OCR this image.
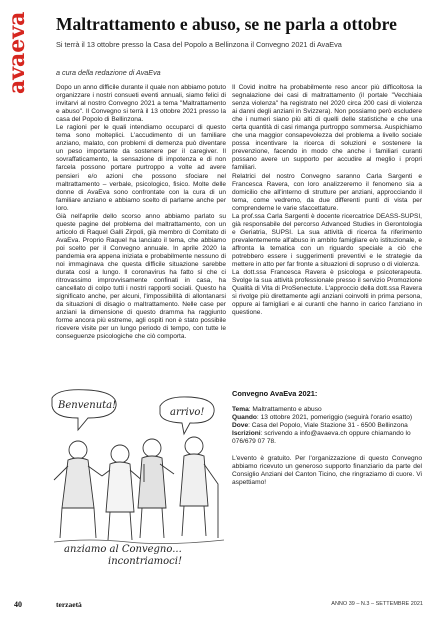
avaeva Maltrattamento e abuso, se ne parla a ottobre
Si terrà il 13 ottobre presso la Casa del Popolo a Bellinzona il Convegno 2021 di AvaEva
a cura della redazione di AvaEva

Dopo un anno difficile durante il quale non abbiamo potuto organizzare i nostri consueti eventi annuali, siamo felici di invitarvi al nostro Convegno 2021 a tema "Maltrattamento e abuso". Il Convegno si terrà il 13 ottobre 2021 presso la casa del Popolo di Bellinzona.

Le ragioni per le quali intendiamo occuparci di questo tema sono molteplici. L'accudimento di un familiare anziano, malato, con problemi di demenza può diventare un peso importante da sostenere per il caregiver. Il sovraffaticamento, la sensazione di impotenza e di non farcela possono portare purtroppo a volte ad avere pensieri e/o azioni che possono sfociare nel maltrattamento – verbale, psicologico, fisico. Molte delle donne di AvaEva sono confrontate con la cura di un familiare anziano e abbiamo scelto di parlarne anche per loro.

Già nell'aprile dello scorso anno abbiamo parlato su queste pagine del problema del maltrattamento, con un articolo di Raquel Galli Zirpoli, già membro di Comitato di AvaEva. Proprio Raquel ha lanciato il tema, che abbiamo poi scelto per il Convegno annuale. In aprile 2020 la pandemia era appena iniziata e probabilmente nessuno di noi immaginava che questa difficile situazione sarebbe durata così a lungo. Il coronavirus ha fatto sì che ci ritrovassimo improvvisamente confinati in casa, ha cancellato di colpo tutti i nostri rapporti sociali. Questo ha significato anche, per alcuni, l'impossibilità di allontanarsi da situazioni di disagio o maltrattamento. Nelle case per anziani la dimensione di questo dramma ha raggiunto forme ancora più estreme, agli ospiti non è stato possibile ricevere visite per un lungo periodo di tempo, con tutte le conseguenze psicologiche che ciò comporta.

Il Covid inoltre ha probabilmente reso ancor più difficoltosa la segnalazione dei casi di maltrattamento (il portale "Vecchiaia senza violenza" ha registrato nel 2020 circa 200 casi di violenza ai danni degli anziani in Svizzera). Non possiamo però escludere che i numeri siano più alti di quelli delle statistiche e che una certa quantità di casi rimanga purtroppo sommersa. Auspichiamo che una maggior consapevolezza del problema a livello sociale possa incentivare la ricerca di soluzioni e sostenere la prevenzione, facendo in modo che anche i familiari curanti possano avere un supporto per accudire al meglio i propri familiari.

Relatrici del nostro Convegno saranno Carla Sargenti e Francesca Ravera, con loro analizzeremo il fenomeno sia a domicilio che all'interno di strutture per anziani, approcciando il tema, come vedremo, da due differenti punti di vista per comprenderne le varie sfaccettature.

La prof.ssa Carla Sargenti è docente ricercatrice DEASS-SUPSI, già responsabile del percorso Advanced Studies in Gerontologia e Geriatria, SUPSI. La sua attività di ricerca fa riferimento prevalentemente all'abuso in ambito famigliare e/o istituzionale, e affronta la tematica con un riguardo speciale a ciò che potrebbero essere i suggerimenti preventivi e le strategie da mettere in atto per far fronte a situazioni di sopruso o di violenza.

La dott.ssa Francesca Ravera è psicologa e psicoterapeuta. Svolge la sua attività professionale presso il servizio Promozione Qualità di Vita di ProSenectute. L'approccio della dott.ssa Ravera si rivolge più direttamente agli anziani coinvolti in prima persona, oppure ai famigliari e ai curanti che hanno in carico l'anziano in questione.

Benvenuta!
arrivo!
anziamo al Convegno...
incontriamoci!
Convegno AvaEva 2021:
Tema: Maltrattamento e abuso
Quando: 13 ottobre 2021, pomeriggio (seguirà l'orario esatto)
Dove: Casa del Popolo, Viale Stazione 31 - 6500 Bellinzona
Iscrizioni: scrivendo a info@avaeva.ch oppure chiamando lo 076/679 07 78.

L'evento è gratuito. Per l'organizzazione di questo Convegno abbiamo ricevuto un generoso supporto finanziario da parte del Consiglio Anziani del Canton Ticino, che ringraziamo di cuore. Vi aspettiamo!

40	terzaetà	ANNO 39 – N.3 – SETTEMBRE 2021
